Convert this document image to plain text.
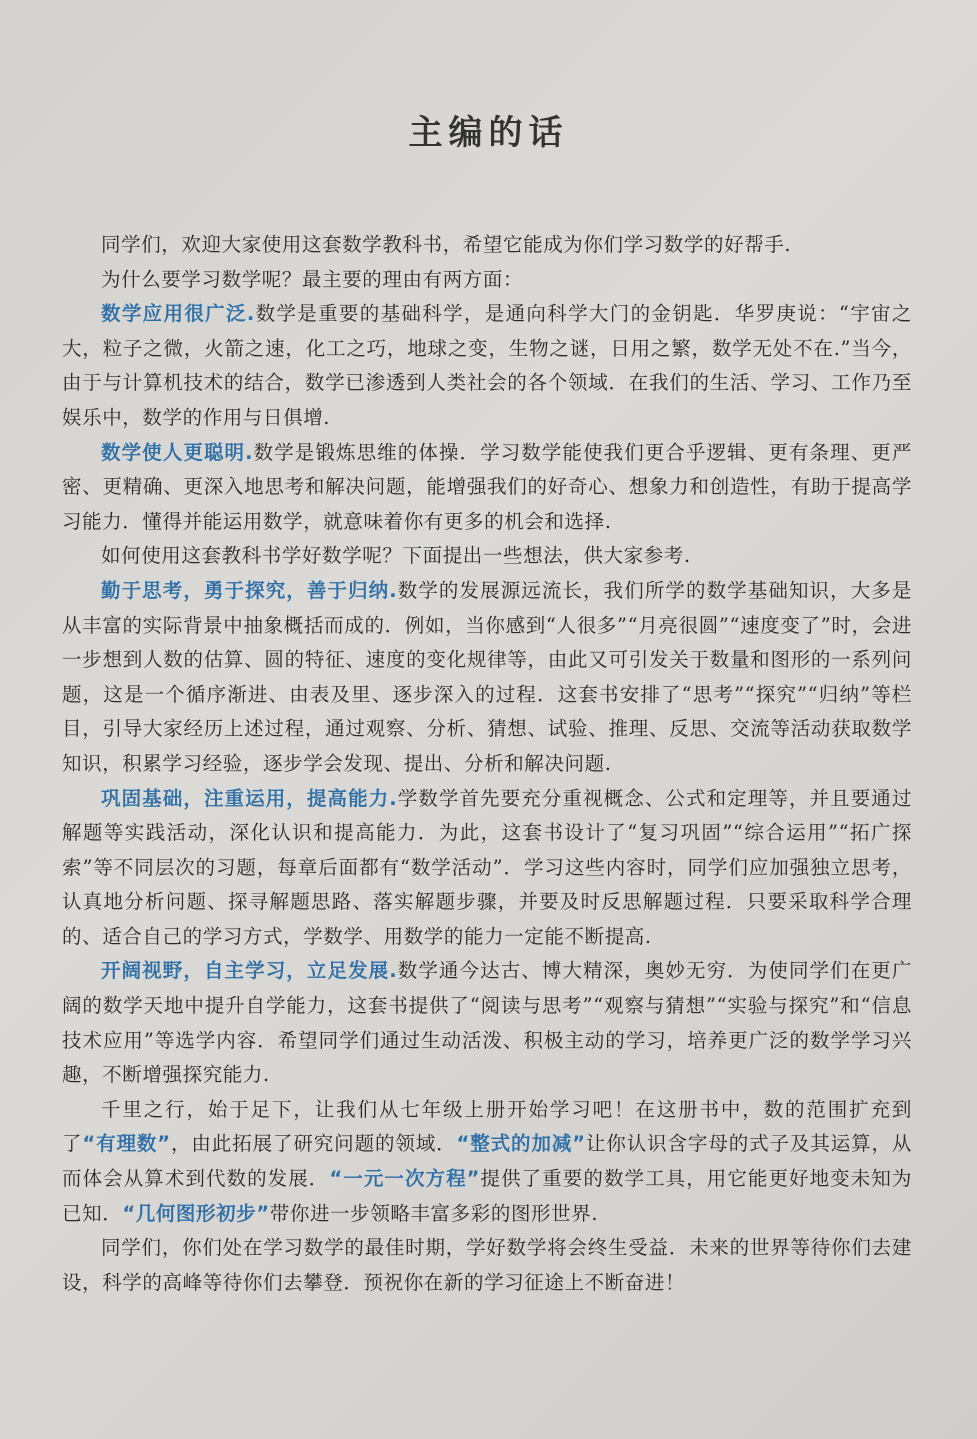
主编的话

同学们，欢迎大家使用这套数学教科书，希望它能成为你们学习数学的好帮手.

为什么要学习数学呢？最主要的理由有两方面：

数学应用很广泛.数学是重要的基础科学，是通向科学大门的金钥匙．华罗庚说：“宇宙之大，粒子之微，火箭之速，化工之巧，地球之变，生物之谜，日用之繁，数学无处不在.”当今，由于与计算机技术的结合，数学已渗透到人类社会的各个领域．在我们的生活、学习、工作乃至娱乐中，数学的作用与日俱增.

数学使人更聪明.数学是锻炼思维的体操．学习数学能使我们更合乎逻辑、更有条理、更严密、更精确、更深入地思考和解决问题，能增强我们的好奇心、想象力和创造性，有助于提高学习能力．懂得并能运用数学，就意味着你有更多的机会和选择.

如何使用这套教科书学好数学呢？下面提出一些想法，供大家参考.

勤于思考，勇于探究，善于归纳.数学的发展源远流长，我们所学的数学基础知识，大多是从丰富的实际背景中抽象概括而成的．例如，当你感到“人很多”“月亮很圆”“速度变了”时，会进一步想到人数的估算、圆的特征、速度的变化规律等，由此又可引发关于数量和图形的一系列问题，这是一个循序渐进、由表及里、逐步深入的过程．这套书安排了“思考”“探究”“归纳”等栏目，引导大家经历上述过程，通过观察、分析、猜想、试验、推理、反思、交流等活动获取数学知识，积累学习经验，逐步学会发现、提出、分析和解决问题.

巩固基础，注重运用，提高能力.学数学首先要充分重视概念、公式和定理等，并且要通过解题等实践活动，深化认识和提高能力．为此，这套书设计了“复习巩固”“综合运用”“拓广探索”等不同层次的习题，每章后面都有“数学活动”．学习这些内容时，同学们应加强独立思考，认真地分析问题、探寻解题思路、落实解题步骤，并要及时反思解题过程．只要采取科学合理的、适合自己的学习方式，学数学、用数学的能力一定能不断提高.

开阔视野，自主学习，立足发展.数学通今达古、博大精深，奥妙无穷．为使同学们在更广阔的数学天地中提升自学能力，这套书提供了“阅读与思考”“观察与猜想”“实验与探究”和“信息技术应用”等选学内容．希望同学们通过生动活泼、积极主动的学习，培养更广泛的数学学习兴趣，不断增强探究能力.

千里之行，始于足下，让我们从七年级上册开始学习吧！在这册书中，数的范围扩充到了“有理数”，由此拓展了研究问题的领域．“整式的加减”让你认识含字母的式子及其运算，从而体会从算术到代数的发展．“一元一次方程”提供了重要的数学工具，用它能更好地变未知为已知．“几何图形初步”带你进一步领略丰富多彩的图形世界.

同学们，你们处在学习数学的最佳时期，学好数学将会终生受益．未来的世界等待你们去建设，科学的高峰等待你们去攀登．预祝你在新的学习征途上不断奋进！
